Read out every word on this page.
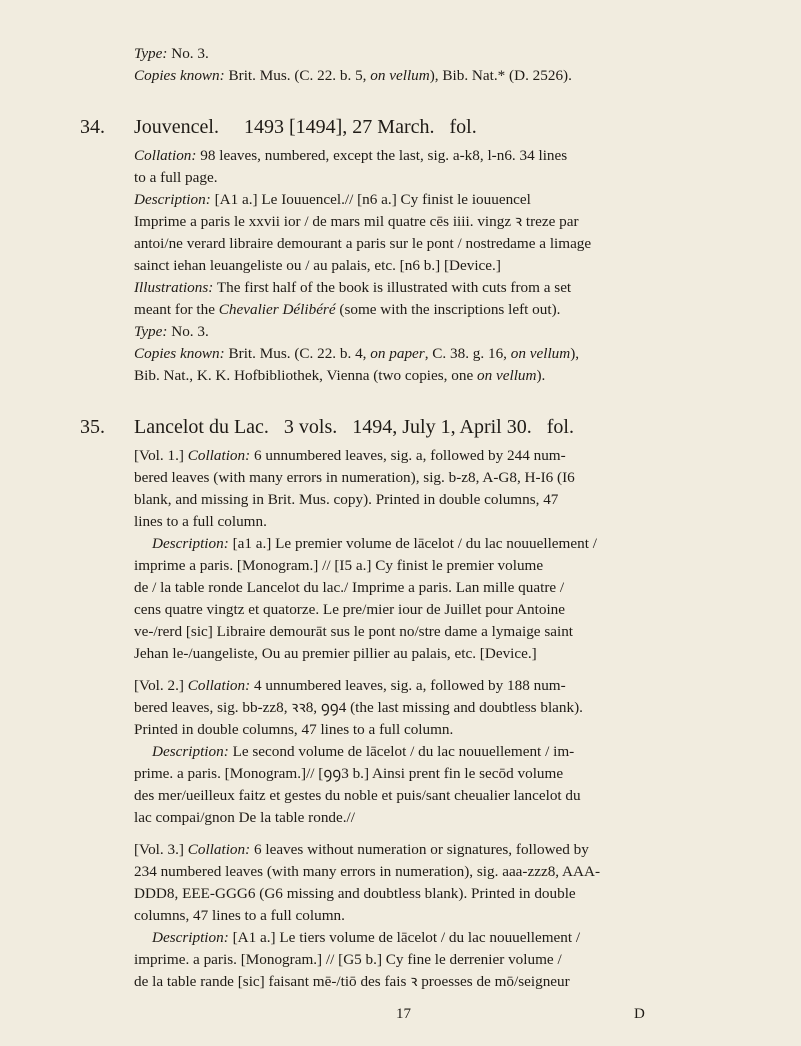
Type: No. 3.
Copies known: Brit. Mus. (C. 22. b. 5, on vellum), Bib. Nat.* (D. 2526).
34. Jouvencel.     1493 [1494], 27 March.   fol.
Collation: 98 leaves, numbered, except the last, sig. a-k8, l-n6. 34 lines
to a full page.
Description: [A1 a.] Le Iouuencel.// [n6 a.] Cy finist le iouuencel
Imprime a paris le xxvii ior / de mars mil quatre cēs iiii. vingz ꝛ treze par
antoi/ne verard libraire demourant a paris sur le pont / nostredame a limage
sainct iehan leuangeliste ou / au palais, etc. [n6 b.] [Device.]
Illustrations: The first half of the book is illustrated with cuts from a set
meant for the Chevalier Délibéré (some with the inscriptions left out).
Type: No. 3.
Copies known: Brit. Mus. (C. 22. b. 4, on paper, C. 38. g. 16, on vellum),
Bib. Nat., K. K. Hofbibliothek, Vienna (two copies, one on vellum).
35. Lancelot du Lac.   3 vols.   1494, July 1, April 30.   fol.
[Vol. 1.] Collation: 6 unnumbered leaves, sig. a, followed by 244 num-
bered leaves (with many errors in numeration), sig. b-z8, A-G8, H-I6 (I6
blank, and missing in Brit. Mus. copy). Printed in double columns, 47
lines to a full column.
Description: [a1 a.] Le premier volume de lācelot / du lac nouuellement /
imprime a paris. [Monogram.] // [I5 a.] Cy finist le premier volume
de / la table ronde Lancelot du lac./ Imprime a paris. Lan mille quatre /
cens quatre vingtz et quatorze. Le pre/mier iour de Juillet pour Antoine
ve-/rerd [sic] Libraire demourāt sus le pont no/stre dame a lymaige saint
Jehan le-/uangeliste, Ou au premier pillier au palais, etc. [Device.]
[Vol. 2.] Collation: 4 unnumbered leaves, sig. a, followed by 188 num-
bered leaves, sig. bb-zz8, ꝛꝛ8, ꝯꝯ4 (the last missing and doubtless blank).
Printed in double columns, 47 lines to a full column.
Description: Le second volume de lācelot / du lac nouuellement / im-
prime. a paris. [Monogram.]// [ꝯꝯ3 b.] Ainsi prent fin le secōd volume
des mer/ueilleux faitz et gestes du noble et puis/sant cheualier lancelot du
lac compai/gnon De la table ronde.//
[Vol. 3.] Collation: 6 leaves without numeration or signatures, followed by
234 numbered leaves (with many errors in numeration), sig. aaa-zzz8, AAA-
DDD8, EEE-GGG6 (G6 missing and doubtless blank). Printed in double
columns, 47 lines to a full column.
Description: [A1 a.] Le tiers volume de lācelot / du lac nouuellement /
imprime. a paris. [Monogram.] // [G5 b.] Cy fine le derrenier volume /
de la table rande [sic] faisant mē-/tiō des fais ꝛ proesses de mō/seigneur
17	D
